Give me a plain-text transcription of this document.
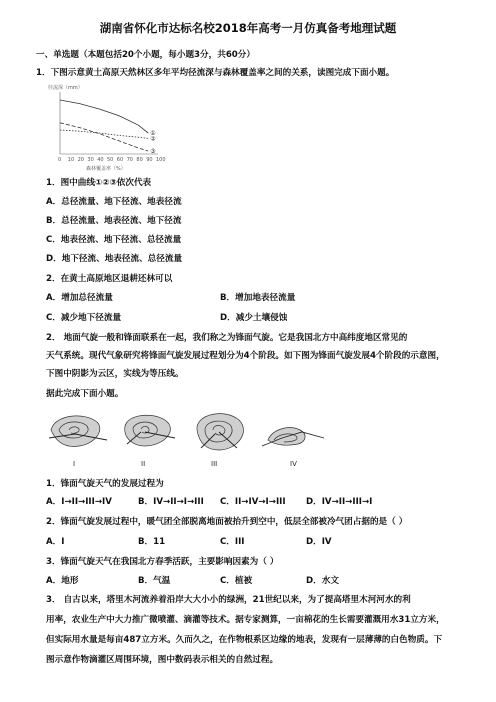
湖南省怀化市达标名校2018年高考一月仿真备考地理试题
一、单选题（本题包括20个小题，每小题3分，共60分）
1．下图示意黄土高原天然林区多年平均径流深与森林覆盖率之间的关系，读图完成下面小题。
径流深（mm）
0 10 20 30 40 50 60 70 80 90 100
①
②
③
森林覆盖率（%）
1．图中曲线①②③依次代表
A．总径流量、地下径流、地表径流
B．总径流量、地表径流、地下径流
C．地表径流、地下径流、总径流量
D．地下径流、地表径流、总径流量
2．在黄土高原地区退耕还林可以
A．增加总径流量	B．增加地表径流量
C．减少地下径流量	D．减少土壤侵蚀
2． 地面气旋一般和锋面联系在一起，我们称之为锋面气旋。它是我国北方中高纬度地区常见的
天气系统。现代气象研究将锋面气旋发展过程划分为4个阶段。如下图为锋面气旋发展4个阶段的示意图，
下图中阴影为云区，实线为等压线。
据此完成下面小题。
I	II	III	IV
1．锋面气旋天气的发展过程为
A．I→II→III→IV	B．IV→II→I→III C．II→IV→I→III D．IV→II→III→I
2．锋面气旋发展过程中，暖气团全部脱离地面被抬升到空中，低层全部被冷气团占据的是（ ）
A．I	B．11	C．III	D．IV
3．锋面气旋天气在我国北方春季活跃，主要影响因素为（ ）
A．地形	B．气温	C．植被	D．水文
3． 自古以来，塔里木河流养着沿岸大大小小的绿洲，21世纪以来，为了提高塔里木河河水的利
用率，农业生产中大力推广微喷灌、滴灌等技术。据专家测算，一亩棉花的生长需要灌溉用水31立方米，
但实际用水量是每亩487立方米。久而久之，在作物根系区边缘的地表，发现有一层薄薄的白色物质。下
图示意作物滴灌区周围环境，图中数码表示相关的自然过程。
